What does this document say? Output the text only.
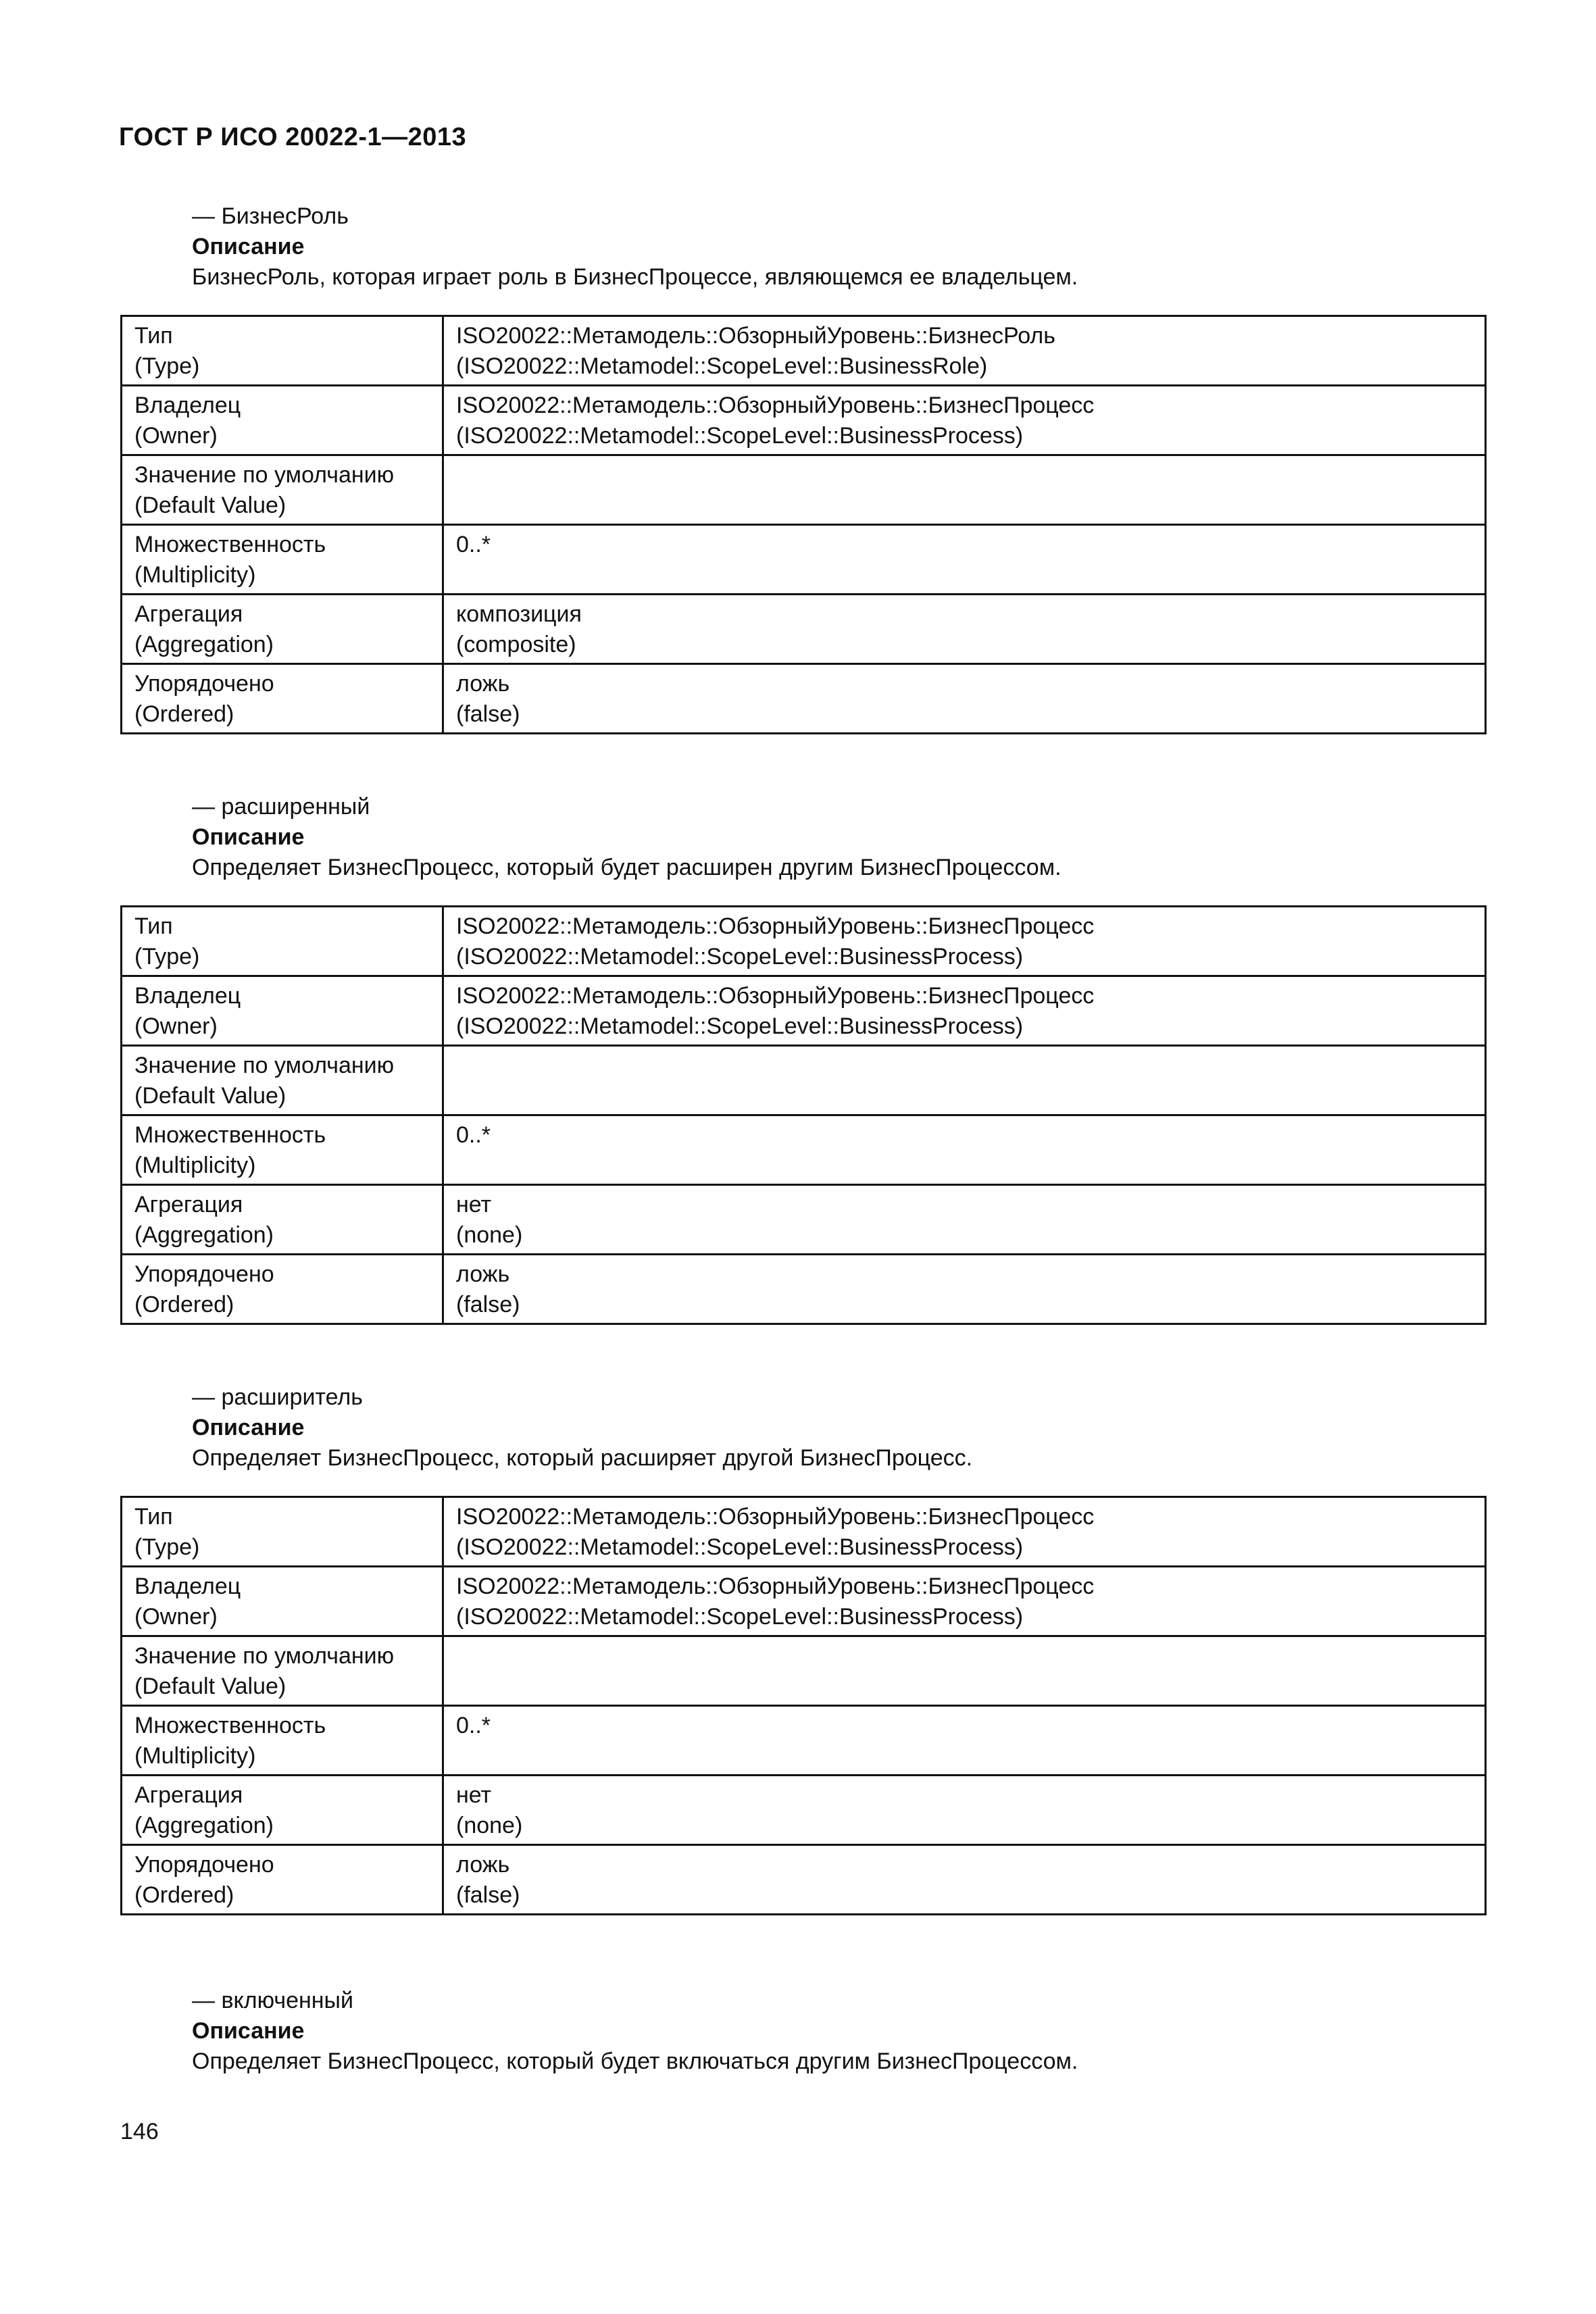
ГОСТ Р ИСО 20022-1—2013
— БизнесРоль
Описание
БизнесРоль, которая играет роль в БизнесПроцессе, являющемся ее владельцем.
Тип
(Type)	ISO20022::Метамодель::ОбзорныйУровень::БизнесРоль
(ISO20022::Metamodel::ScopeLevel::BusinessRole)

Владелец
(Owner)	ISO20022::Метамодель::ОбзорныйУровень::БизнесПроцесс
(ISO20022::Metamodel::ScopeLevel::BusinessProcess)

Значение по умолчанию
(Default Value)	

Множественность
(Multiplicity)	0..*

Агрегация
(Aggregation)	композиция
(composite)

Упорядочено
(Ordered)	ложь
(false)
— расширенный
Описание
Определяет БизнесПроцесс, который будет расширен другим БизнесПроцессом.
Тип
(Type)	ISO20022::Метамодель::ОбзорныйУровень::БизнесПроцесс
(ISO20022::Metamodel::ScopeLevel::BusinessProcess)

Владелец
(Owner)	ISO20022::Метамодель::ОбзорныйУровень::БизнесПроцесс
(ISO20022::Metamodel::ScopeLevel::BusinessProcess)

Значение по умолчанию
(Default Value)	

Множественность
(Multiplicity)	0..*

Агрегация
(Aggregation)	нет
(none)

Упорядочено
(Ordered)	ложь
(false)
— расширитель
Описание
Определяет БизнесПроцесс, который расширяет другой БизнесПроцесс.
Тип
(Type)	ISO20022::Метамодель::ОбзорныйУровень::БизнесПроцесс
(ISO20022::Metamodel::ScopeLevel::BusinessProcess)

Владелец
(Owner)	ISO20022::Метамодель::ОбзорныйУровень::БизнесПроцесс
(ISO20022::Metamodel::ScopeLevel::BusinessProcess)

Значение по умолчанию
(Default Value)	

Множественность
(Multiplicity)	0..*

Агрегация
(Aggregation)	нет
(none)

Упорядочено
(Ordered)	ложь
(false)
— включенный
Описание
Определяет БизнесПроцесс, который будет включаться другим БизнесПроцессом.
146
